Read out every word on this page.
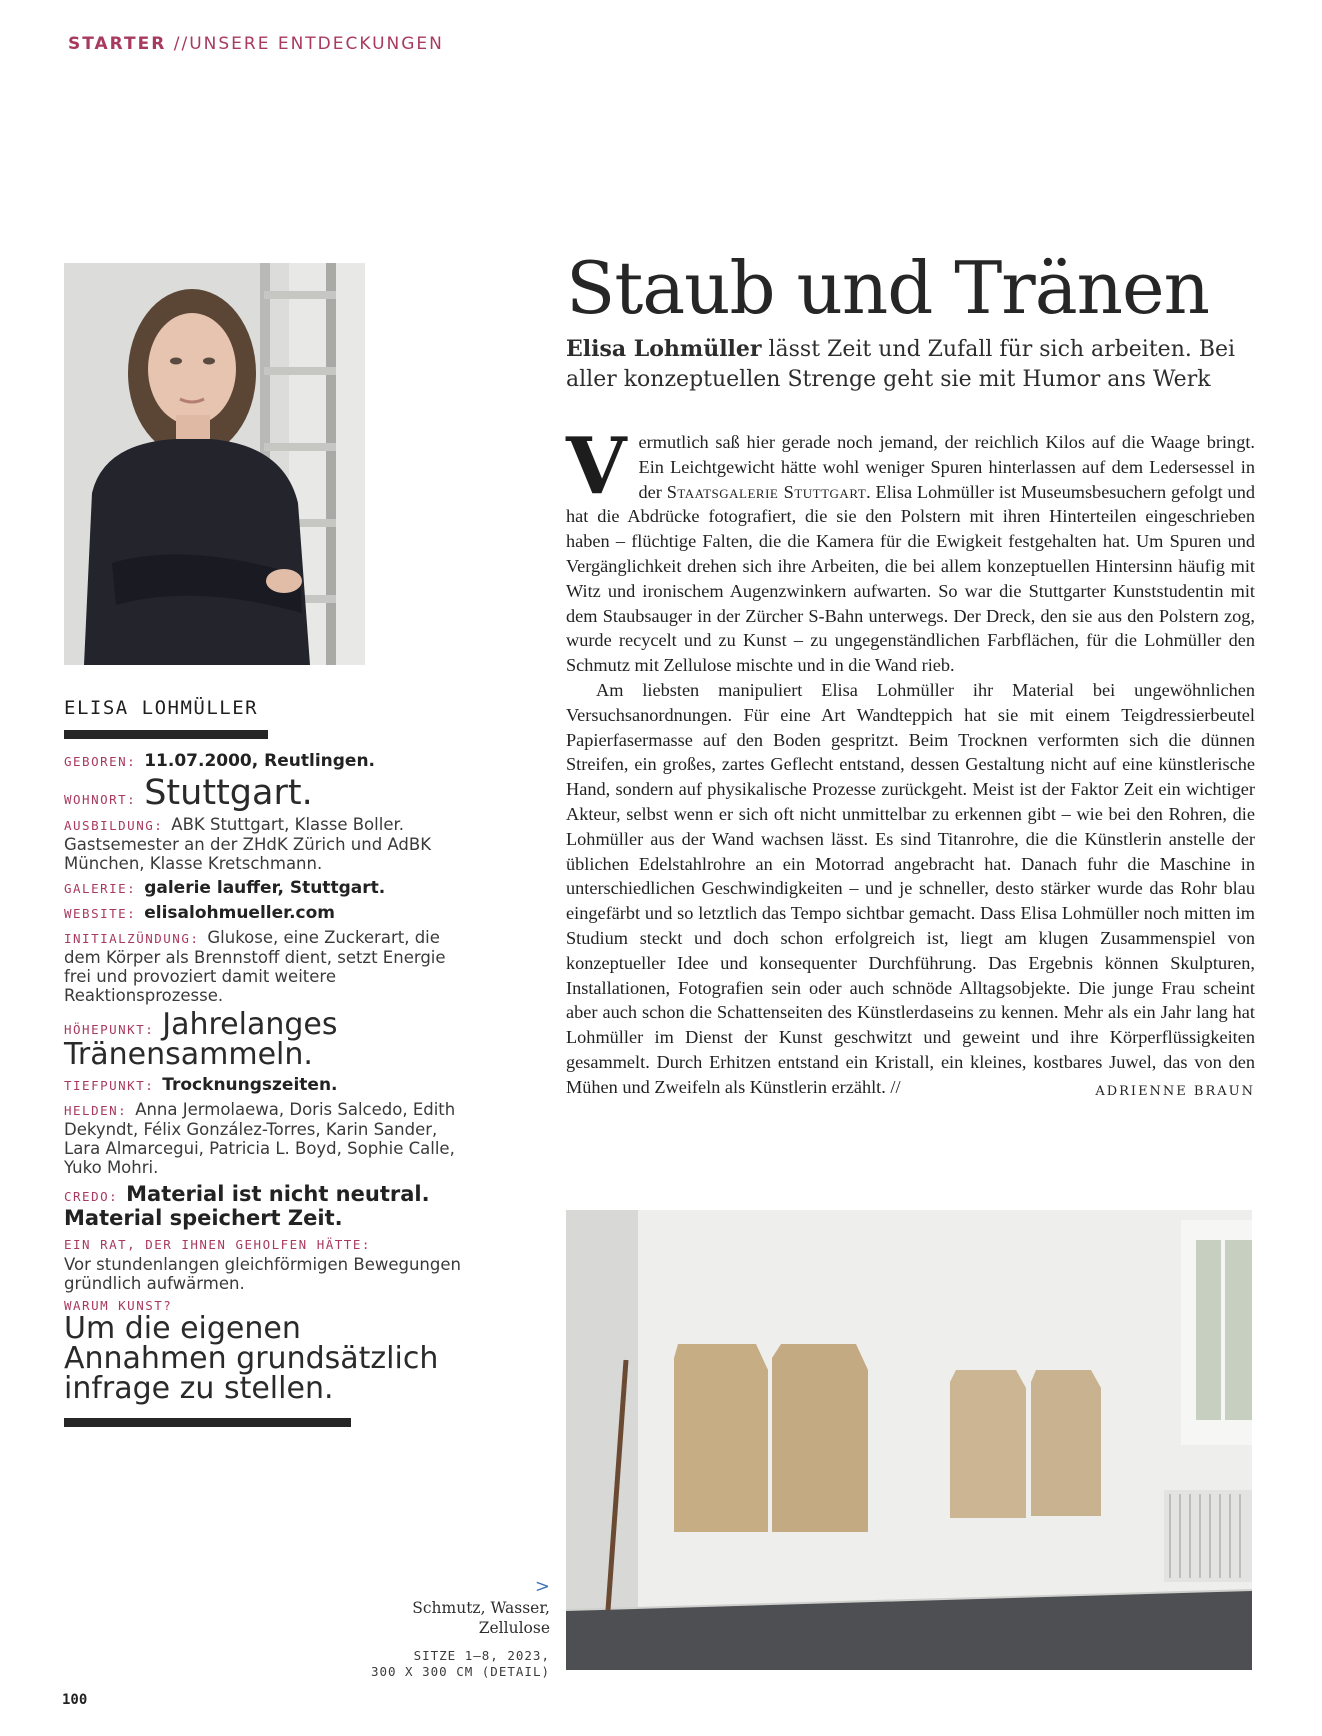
STARTER //UNSERE ENTDECKUNGEN
ELISA LOHMÜLLER
GEBOREN: 11.07.2000, Reutlingen.
WOHNORT: Stuttgart.
AUSBILDUNG: ABK Stuttgart, Klasse Boller. Gastsemester an der ZHdK Zürich und AdBK München, Klasse Kretschmann.
GALERIE: galerie lauffer, Stuttgart.
WEBSITE: elisalohmueller.com
INITIALZÜNDUNG: Glukose, eine Zuckerart, die dem Körper als Brennstoff dient, setzt Energie frei und provoziert damit weitere Reaktionsprozesse.
HÖHEPUNKT: Jahrelanges Tränensammeln.
TIEFPUNKT: Trocknungszeiten.
HELDEN: Anna Jermolaewa, Doris Salcedo, Edith Dekyndt, Félix González-Torres, Karin Sander, Lara Almarcegui, Patricia L. Boyd, Sophie Calle, Yuko Mohri.
CREDO: Material ist nicht neutral. Material speichert Zeit.
EIN RAT, DER IHNEN GEHOLFEN HÄTTE:
Vor stundenlangen gleichförmigen Bewegungen gründlich aufwärmen.
WARUM KUNST?
Um die eigenen Annahmen grundsätzlich infrage zu stellen.
Staub und Tränen
Elisa Lohmüller lässt Zeit und Zufall für sich arbeiten. Bei aller konzeptuellen Strenge geht sie mit Humor ans Werk

Vermutlich saß hier gerade noch jemand, der reichlich Kilos auf die Waage bringt. Ein Leichtgewicht hätte wohl weniger Spuren hinterlassen auf dem Ledersessel in der Staatsgalerie Stuttgart. Elisa Lohmüller ist Museumsbesuchern gefolgt und hat die Abdrücke fotografiert, die sie den Polstern mit ihren Hinterteilen eingeschrieben haben – flüchtige Falten, die die Kamera für die Ewigkeit festgehalten hat. Um Spuren und Vergänglichkeit drehen sich ihre Arbeiten, die bei allem konzeptuellen Hintersinn häufig mit Witz und ironischem Augenzwinkern aufwarten. So war die Stuttgarter Kunststudentin mit dem Staubsauger in der Zürcher S-Bahn unterwegs. Der Dreck, den sie aus den Polstern zog, wurde recycelt und zu Kunst – zu ungegenständlichen Farbflächen, für die Lohmüller den Schmutz mit Zellulose mischte und in die Wand rieb.

Am liebsten manipuliert Elisa Lohmüller ihr Material bei ungewöhnlichen Versuchsanordnungen. Für eine Art Wandteppich hat sie mit einem Teigdressierbeutel Papierfasermasse auf den Boden gespritzt. Beim Trocknen verformten sich die dünnen Streifen, ein großes, zartes Geflecht entstand, dessen Gestaltung nicht auf eine künstlerische Hand, sondern auf physikalische Prozesse zurückgeht. Meist ist der Faktor Zeit ein wichtiger Akteur, selbst wenn er sich oft nicht unmittelbar zu erkennen gibt – wie bei den Rohren, die Lohmüller aus der Wand wachsen lässt. Es sind Titanrohre, die die Künstlerin anstelle der üblichen Edelstahlrohre an ein Motorrad angebracht hat. Danach fuhr die Maschine in unterschiedlichen Geschwindigkeiten – und je schneller, desto stärker wurde das Rohr blau eingefärbt und so letztlich das Tempo sichtbar gemacht. Dass Elisa Lohmüller noch mitten im Studium steckt und doch schon erfolgreich ist, liegt am klugen Zusammenspiel von konzeptueller Idee und konsequenter Durchführung. Das Ergebnis können Skulpturen, Installationen, Fotografien sein oder auch schnöde Alltagsobjekte. Die junge Frau scheint aber auch schon die Schattenseiten des Künstlerdaseins zu kennen. Mehr als ein Jahr lang hat Lohmüller im Dienst der Kunst geschwitzt und geweint und ihre Körperflüssigkeiten gesammelt. Durch Erhitzen entstand ein Kristall, ein kleines, kostbares Juwel, das von den Mühen und Zweifeln als Künstlerin erzählt. //	ADRIENNE BRAUN

>
Schmutz, Wasser, Zellulose
SITZE 1–8, 2023,
300 X 300 CM (DETAIL)
100
